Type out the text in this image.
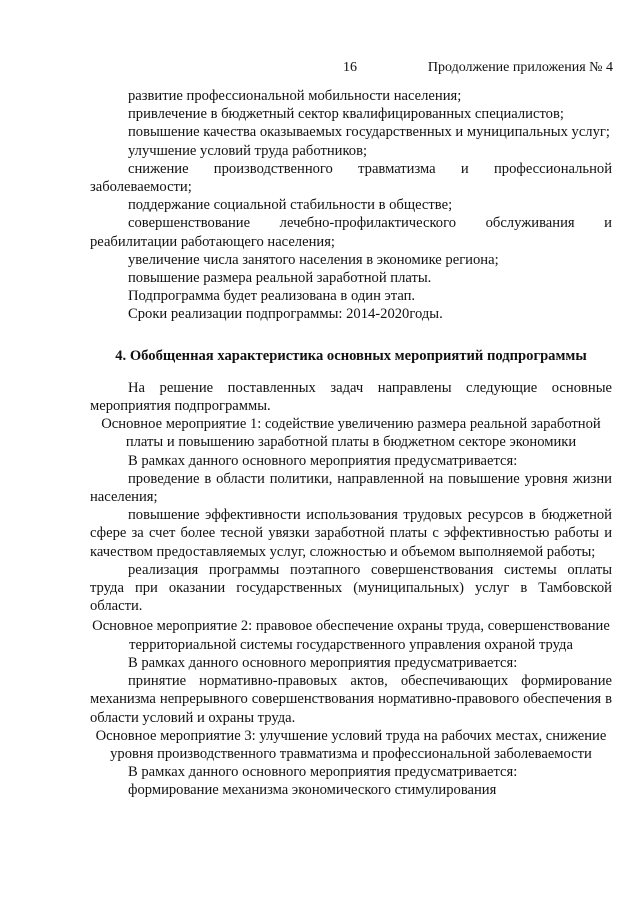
16	Продолжение приложения № 4

развитие профессиональной мобильности населения;

привлечение в бюджетный сектор квалифицированных специалистов;

повышение качества оказываемых государственных и муниципальных услуг;

улучшение условий труда работников;

снижение производственного травматизма и профессиональной заболеваемости;

поддержание социальной стабильности в обществе;

совершенствование лечебно-профилактического обслуживания и реабилитации работающего населения;

увеличение числа занятого населения в экономике региона;

повышение размера реальной заработной платы.

Подпрограмма будет реализована в один этап.

Сроки реализации подпрограммы: 2014-2020годы.

4. Обобщенная характеристика основных мероприятий подпрограммы

На решение поставленных задач направлены следующие основные мероприятия подпрограммы.

Основное мероприятие 1: содействие увеличению размера реальной заработной платы и повышению заработной платы в бюджетном секторе экономики

В рамках данного основного мероприятия предусматривается:

проведение в области политики, направленной на повышение уровня жизни населения;

повышение эффективности использования трудовых ресурсов в бюджетной сфере за счет более тесной увязки заработной платы с эффективностью работы и качеством предоставляемых услуг, сложностью и объемом выполняемой работы;

реализация программы поэтапного совершенствования системы оплаты труда при оказании государственных (муниципальных) услуг в Тамбовской области.

Основное мероприятие 2: правовое обеспечение охраны труда, совершенствование территориальной системы государственного управления охраной труда

В рамках данного основного мероприятия предусматривается:

принятие нормативно-правовых актов, обеспечивающих формирование механизма непрерывного совершенствования нормативно-правового обеспечения в области условий и охраны труда.

Основное мероприятие 3: улучшение условий труда на рабочих местах, снижение уровня производственного травматизма и профессиональной заболеваемости

В рамках данного основного мероприятия предусматривается:

формирование механизма экономического стимулирования
